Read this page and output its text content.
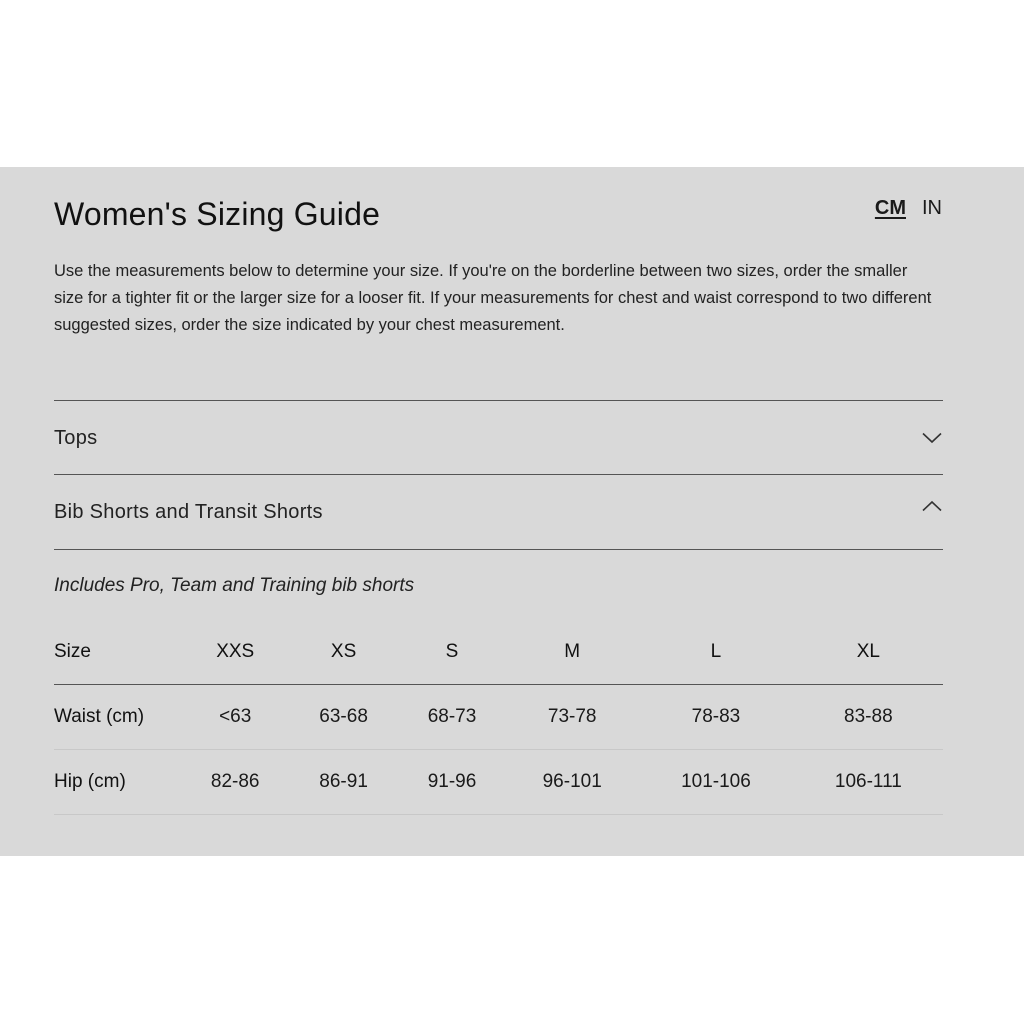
Women's Sizing Guide	CM IN

Use the measurements below to determine your size. If you're on the borderline between two sizes, order the smaller size for a tighter fit or the larger size for a looser fit. If your measurements for chest and waist correspond to two different suggested sizes, order the size indicated by your chest measurement.

Tops
Bib Shorts and Transit Shorts

Includes Pro, Team and Training bib shorts

Size	XXS	XS	S	M	L	XL
Waist (cm)	<63	63-68	68-73	73-78	78-83	83-88
Hip (cm)	82-86	86-91	91-96	96-101	101-106	106-111
